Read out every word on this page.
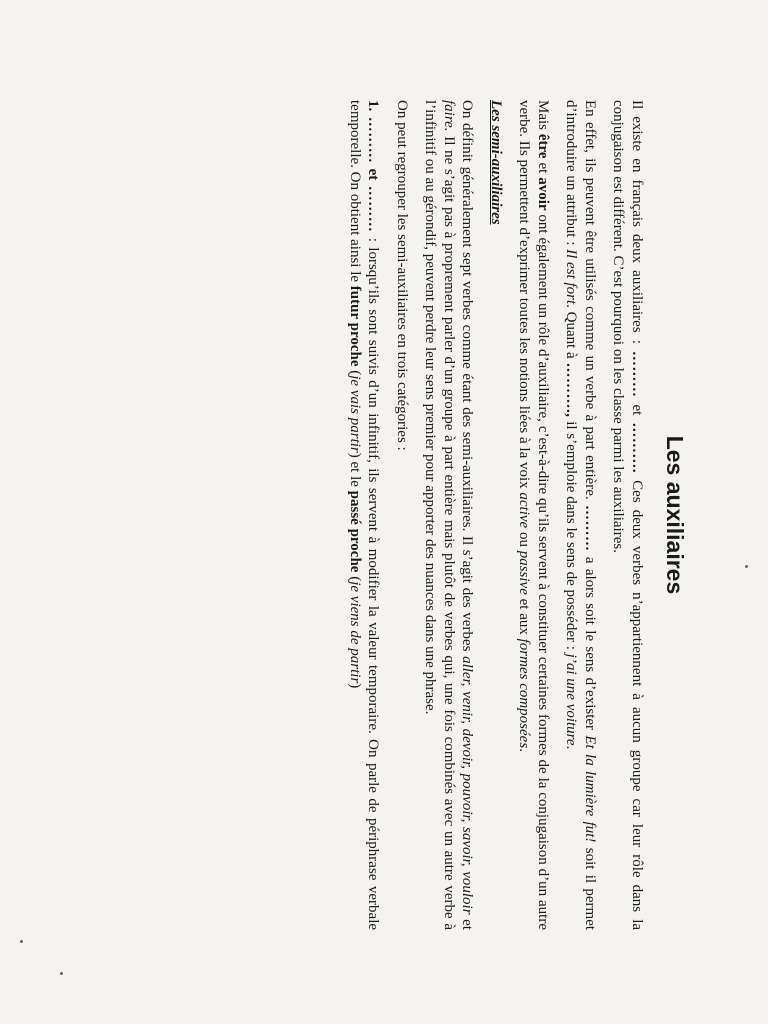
Les auxiliaires

Il existe en français deux auxiliaires : ……… et ………. Ces deux verbes n’appartiennent à aucun groupe car leur rôle dans la conjugaison est différent. C’est pourquoi on les classe parmi les auxiliaires.

En effet, ils peuvent être utilisés comme un verbe à part entière. ……… a alors soit le sens d’exister Et la lumière fut! soit il permet d’introduire un attribut : Il est fort. Quant à ………., il s’emploie dans le sens de posséder : j’ai une voiture.

Mais être et avoir ont également un rôle d’auxiliaire, c’est-à-dire qu’ils servent à constituer certaines formes de la conjugaison d’un autre verbe. Ils permettent d’exprimer toutes les notions liées à la voix active ou passive et aux formes composées.

Les semi-auxiliaires

On définit généralement sept verbes comme étant des semi-auxiliaires. Il s’agit des verbes aller, venir, devoir, pouvoir, savoir, vouloir et faire. Il ne s’agit pas à proprement parler d’un groupe à part entière mais plutôt de verbes qui, une fois combinés avec un autre verbe à l’infinitif ou au gérondif, peuvent perdre leur sens premier pour apporter des nuances dans une phrase.

On peut regrouper les semi-auxiliaires en trois catégories :

1. ……… et ……… : lorsqu’ils sont suivis d’un infinitif, ils servent à modifier la valeur temporaire. On parle de périphrase verbale temporelle. On obtient ainsi le futur proche (je vais partir) et le passé proche (je viens de partir)
